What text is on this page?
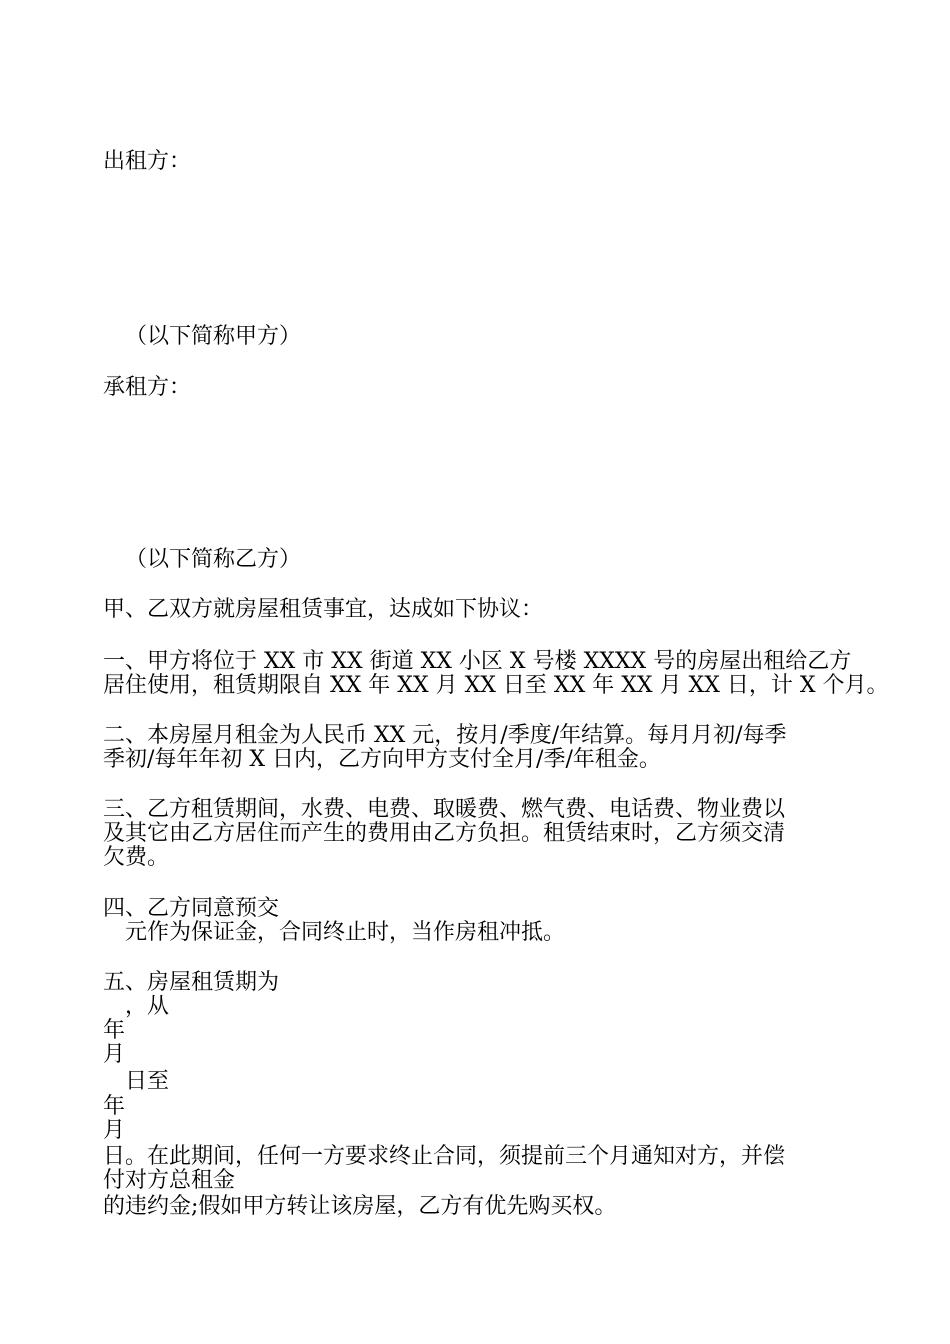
出租方：
（以下简称甲方）
承租方：
（以下简称乙方）
甲、乙双方就房屋租赁事宜，达成如下协议：
一、甲方将位于 XX 市 XX 街道 XX 小区 X 号楼 XXXX 号的房屋出租给乙方
居住使用，租赁期限自 XX 年 XX 月 XX 日至 XX 年 XX 月 XX 日，计 X 个月。
二、本房屋月租金为人民币 XX 元，按月/季度/年结算。每月月初/每季
季初/每年年初 X 日内，乙方向甲方支付全月/季/年租金。
三、乙方租赁期间，水费、电费、取暖费、燃气费、电话费、物业费以
及其它由乙方居住而产生的费用由乙方负担。租赁结束时，乙方须交清
欠费。
四、乙方同意预交
元作为保证金，合同终止时，当作房租冲抵。
五、房屋租赁期为
，从
年
月
日至
年
月
日。在此期间，任何一方要求终止合同，须提前三个月通知对方，并偿
付对方总租金
的违约金;假如甲方转让该房屋，乙方有优先购买权。
